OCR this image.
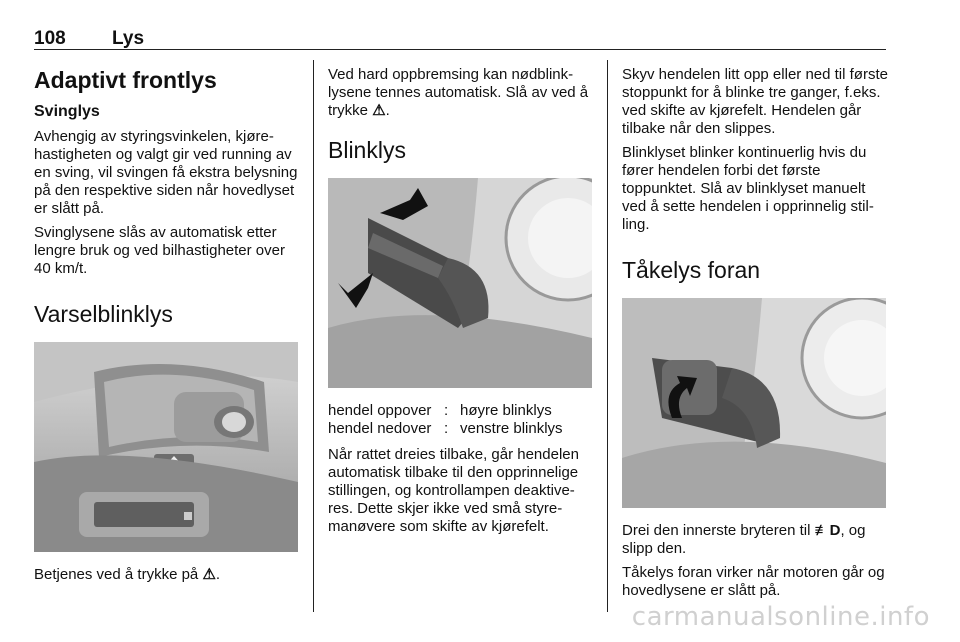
108 Lys
Adaptivt frontlys
Svinglys

Avhengig av styringsvinkelen, kjøre-hastigheten og valgt gir ved running av en sving, vil svingen få ekstra belysning på den respektive siden når hovedlyset er slått på.

Svinglysene slås av automatisk etter lengre bruk og ved bilhastigheter over 40 km/t.

Varselblinklys

Betjenes ved å trykke på ⚠.

Ved hard oppbremsing kan nødblink-lysene tennes automatisk. Slå av ved å trykke ⚠.

Blinklys
hendel oppover	:	høyre blinklys
hendel nedover	:	venstre blinklys

Når rattet dreies tilbake, går hendelen automatisk tilbake til den opprinnelige stillingen, og kontrollampen deaktive-res. Dette skjer ikke ved små styre-manøvere som skifte av kjørefelt.

Skyv hendelen litt opp eller ned til første stoppunkt for å blinke tre ganger, f.eks. ved skifte av kjørefelt. Hendelen går tilbake når den slippes.

Blinklyset blinker kontinuerlig hvis du fører hendelen forbi det første toppunktet. Slå av blinklyset manuelt ved å sette hendelen i opprinnelig stil-ling.

Tåkelys foran

Drei den innerste bryteren til ≢D, og slipp den.

Tåkelys foran virker når motoren går og hovedlysene er slått på.

carmanualsonline.info
